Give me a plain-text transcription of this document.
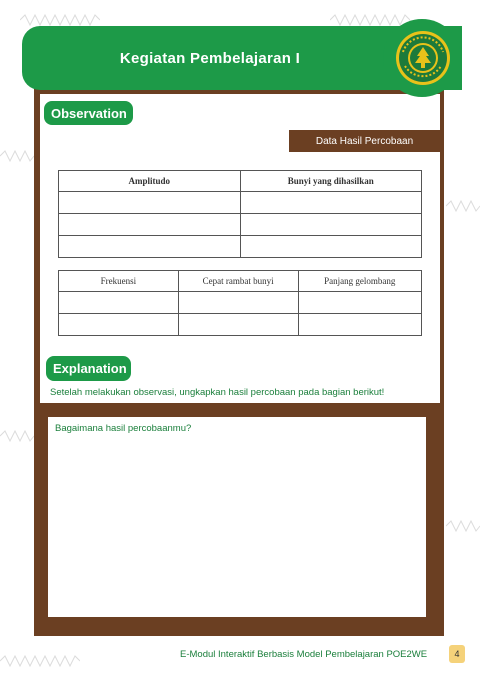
Kegiatan Pembelajaran I
Observation
Data Hasil Percobaan
Amplitudo	Bunyi yang dihasilkan

Frekuensi	Cepat rambat bunyi	Panjang gelombang

Explanation
Setelah melakukan observasi, ungkapkan hasil percobaan pada bagian berikut!
Bagaimana hasil percobaanmu?
E-Modul Interaktif Berbasis Model Pembelajaran POE2WE	4
